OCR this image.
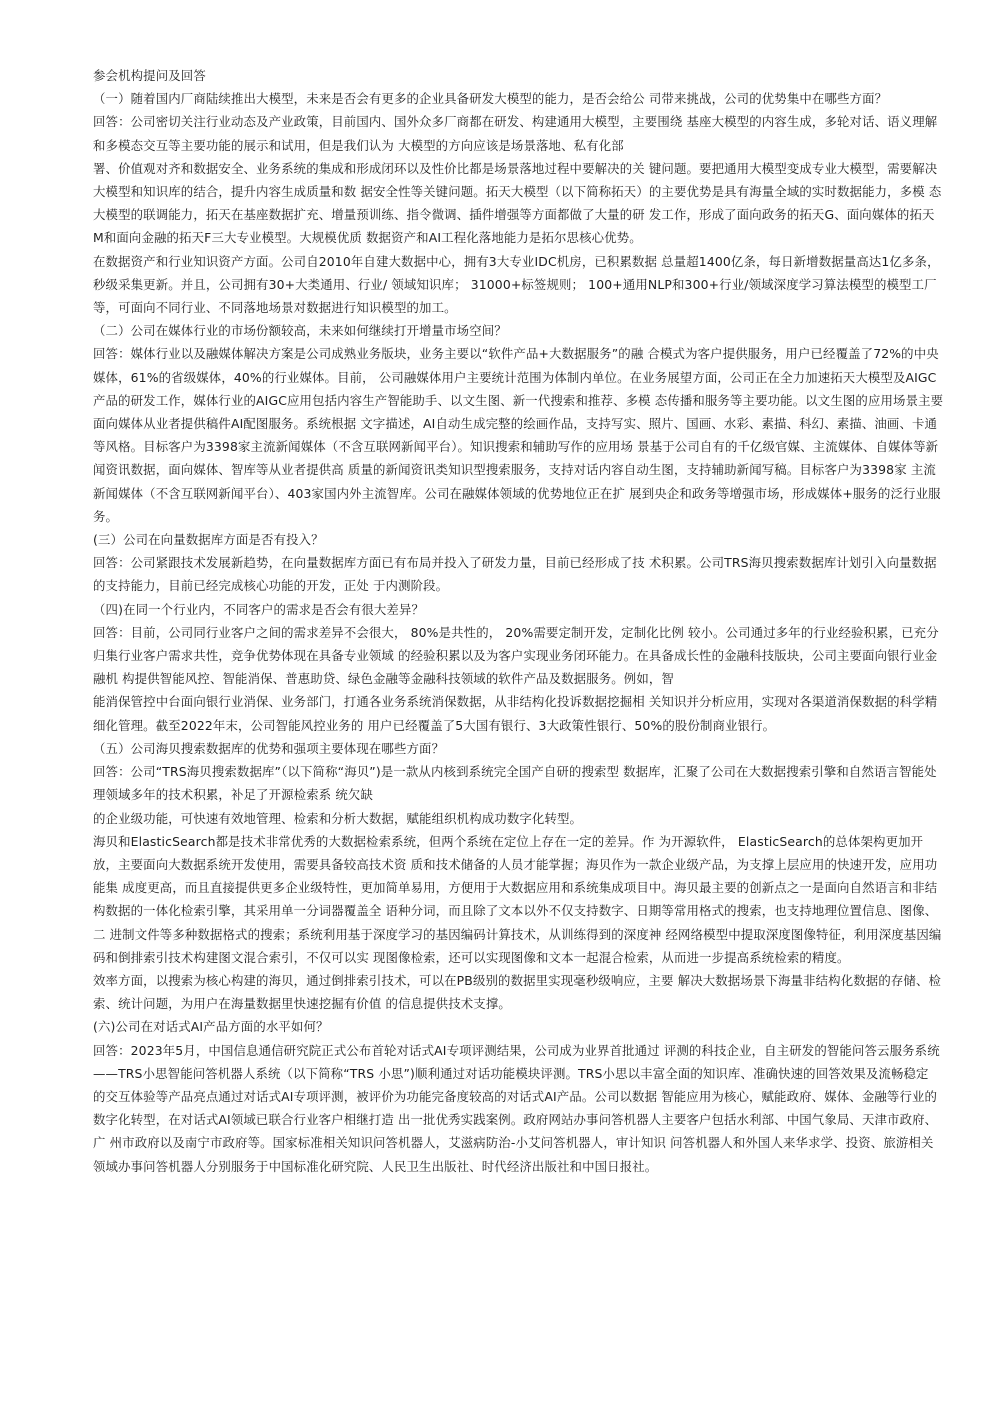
参会机构提问及回答

（一）随着国内厂商陆续推出大模型，未来是否会有更多的企业具备研发大模型的能力，是否会给公 司带来挑战，公司的优势集中在哪些方面？

回答：公司密切关注行业动态及产业政策，目前国内、国外众多厂商都在研发、构建通用大模型，主要围绕 基座大模型的内容生成，多轮对话、语义理解和多模态交互等主要功能的展示和试用，但是我们认为 大模型的方向应该是场景落地、私有化部

署、价值观对齐和数据安全、业务系统的集成和形成闭环以及性价比都是场景落地过程中要解决的关 键问题。要把通用大模型变成专业大模型，需要解决大模型和知识库的结合，提升内容生成质量和数 据安全性等关键问题。拓天大模型（以下简称拓天）的主要优势是具有海量全域的实时数据能力，多模 态大模型的联调能力，拓天在基座数据扩充、增量预训练、指令微调、插件增强等方面都做了大量的研 发工作，形成了面向政务的拓天G、面向媒体的拓天M和面向金融的拓天F三大专业模型。大规模优质 数据资产和AI工程化落地能力是拓尔思核心优势。

在数据资产和行业知识资产方面。公司自2010年自建大数据中心，拥有3大专业IDC机房，已积累数据 总量超1400亿条，每日新增数据量高达1亿多条，秒级采集更新。并且，公司拥有30+大类通用、行业/ 领域知识库； 31000+标签规则； 100+通用NLP和300+行业/领域深度学习算法模型的模型工厂等，可面向不同行业、不同落地场景对数据进行知识模型的加工。

（二）公司在媒体行业的市场份额较高，未来如何继续打开增量市场空间？

回答：媒体行业以及融媒体解决方案是公司成熟业务版块，业务主要以“软件产品+大数据服务”的融 合模式为客户提供服务，用户已经覆盖了72%的中央媒体，61%的省级媒体，40%的行业媒体。目前， 公司融媒体用户主要统计范围为体制内单位。在业务展望方面，公司正在全力加速拓天大模型及AIGC 产品的研发工作，媒体行业的AIGC应用包括内容生产智能助手、以文生图、新一代搜索和推荐、多模 态传播和服务等主要功能。以文生图的应用场景主要面向媒体从业者提供稿件AI配图服务。系统根据 文字描述，AI自动生成完整的绘画作品，支持写实、照片、国画、水彩、素描、科幻、素描、油画、卡通等风格。目标客户为3398家主流新闻媒体（不含互联网新闻平台）。知识搜索和辅助写作的应用场 景基于公司自有的千亿级官媒、主流媒体、自媒体等新闻资讯数据，面向媒体、智库等从业者提供高 质量的新闻资讯类知识型搜索服务，支持对话内容自动生图，支持辅助新闻写稿。目标客户为3398家 主流新闻媒体（不含互联网新闻平台）、403家国内外主流智库。公司在融媒体领域的优势地位正在扩 展到央企和政务等增强市场，形成媒体+服务的泛行业服务。

(三）公司在向量数据库方面是否有投入？

回答：公司紧跟技术发展新趋势，在向量数据库方面已有布局并投入了研发力量，目前已经形成了技 术积累。公司TRS海贝搜索数据库计划引入向量数据的支持能力，目前已经完成核心功能的开发，正处 于内测阶段。

（四)在同一个行业内，不同客户的需求是否会有很大差异？

回答：目前，公司同行业客户之间的需求差异不会很大， 80%是共性的， 20%需要定制开发，定制化比例 较小。公司通过多年的行业经验积累，已充分归集行业客户需求共性，竞争优势体现在具备专业领域 的经验积累以及为客户实现业务闭环能力。在具备成长性的金融科技版块，公司主要面向银行业金融机 构提供智能风控、智能消保、普惠助贷、绿色金融等金融科技领域的软件产品及数据服务。例如，智

能消保管控中台面向银行业消保、业务部门，打通各业务系统消保数据，从非结构化投诉数据挖掘相 关知识并分析应用，实现对各渠道消保数据的科学精细化管理。截至2022年末，公司智能风控业务的 用户已经覆盖了5大国有银行、3大政策性银行、50%的股份制商业银行。

（五）公司海贝搜索数据库的优势和强项主要体现在哪些方面？

回答：公司“TRS海贝搜索数据库”（以下简称“海贝”)是一款从内核到系统完全国产自研的搜索型 数据库，汇聚了公司在大数据搜索引擎和自然语言智能处理领域多年的技术积累，补足了开源检索系 统欠缺

的企业级功能，可快速有效地管理、检索和分析大数据，赋能组织机构成功数字化转型。

海贝和ElasticSearch都是技术非常优秀的大数据检索系统，但两个系统在定位上存在一定的差异。作 为开源软件， ElasticSearch的总体架构更加开放，主要面向大数据系统开发使用，需要具备较高技术资 质和技术储备的人员才能掌握；海贝作为一款企业级产品，为支撑上层应用的快速开发，应用功能集 成度更高，而且直接提供更多企业级特性，更加简单易用，方便用于大数据应用和系统集成项目中。海贝最主要的创新点之一是面向自然语言和非结构数据的一体化检索引擎，其采用单一分词器覆盖全 语种分词，而且除了文本以外不仅支持数字、日期等常用格式的搜索，也支持地理位置信息、图像、二 进制文件等多种数据格式的搜索；系统利用基于深度学习的基因编码计算技术，从训练得到的深度神 经网络模型中提取深度图像特征，利用深度基因编码和倒排索引技术构建图文混合索引，不仅可以实 现图像检索，还可以实现图像和文本一起混合检索，从而进一步提高系统检索的精度。

效率方面，以搜索为核心构建的海贝，通过倒排索引技术，可以在PB级别的数据里实现毫秒级响应，主要 解决大数据场景下海量非结构化数据的存储、检索、统计问题，为用户在海量数据里快速挖掘有价值 的信息提供技术支撑。

(六)公司在对话式AI产品方面的水平如何？

回答：2023年5月，中国信息通信研究院正式公布首轮对话式AI专项评测结果，公司成为业界首批通过 评测的科技企业，自主研发的智能问答云服务系统——TRS小思智能问答机器人系统（以下简称“TRS 小思”)顺利通过对话功能模块评测。TRS小思以丰富全面的知识库、准确快速的回答效果及流畅稳定 的交互体验等产品亮点通过对话式AI专项评测，被评价为功能完备度较高的对话式AI产品。公司以数据 智能应用为核心，赋能政府、媒体、金融等行业的数字化转型，在对话式AI领域已联合行业客户相继打造 出一批优秀实践案例。政府网站办事问答机器人主要客户包括水利部、中国气象局、天津市政府、广 州市政府以及南宁市政府等。国家标准相关知识问答机器人，艾滋病防治-小艾问答机器人，审计知识 问答机器人和外国人来华求学、投资、旅游相关领域办事问答机器人分别服务于中国标准化研究院、人民卫生出版社、时代经济出版社和中国日报社。
